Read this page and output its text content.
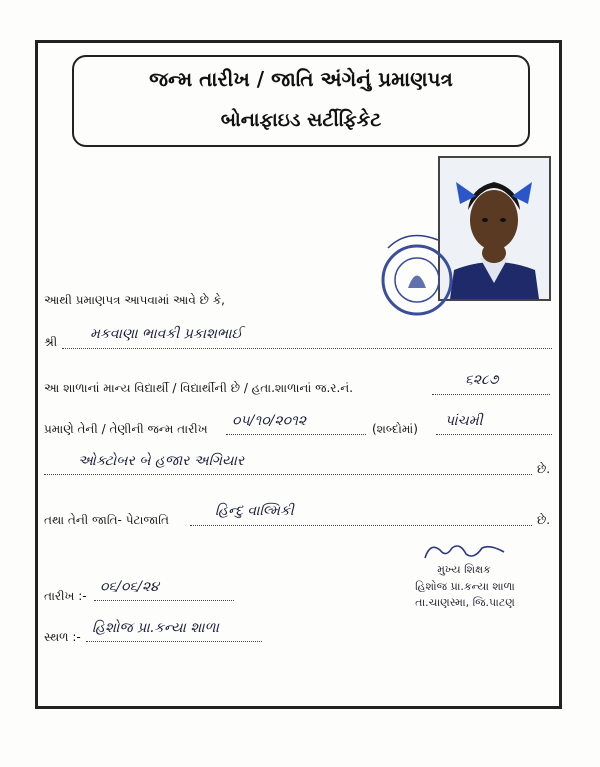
જન્મ તારીખ / જાતિ અંગેનું પ્રમાણપત્ર
બોનાફાઇડ સર્ટીફિકેટ
આથી પ્રમાણપત્ર આપવામાં આવે છે કે,
શ્રી મકવાણા ભાવકી પ્રકાશભાઈ
આ શાળાનાં માન્ય વિદ્યાર્થી / વિદ્યાર્થીની છે / હતા.શાળાનાં જ.ર.નં.	૬૨૮૭
પ્રમાણે તેની / તેણીની જન્મ તારીખ ૦૫/૧૦/૨૦૧૨	(શબ્દોમાં) પાંચમી
ઓક્ટોબર બે હજાર અગિયાર	છે.
તથા તેની જાતિ- પેટાજાતિ
હિન્દુ વાલ્મિકી
છે.
મુખ્ય શિક્ષક
હિશોજ પ્રા.કન્યા શાળા
તા.ચાણસ્મા, જિ.પાટણ
તારીખ :-
૦૬/૦૬/૨૪
સ્થળ :-
હિશોજ પ્રા.કન્યા શાળા
